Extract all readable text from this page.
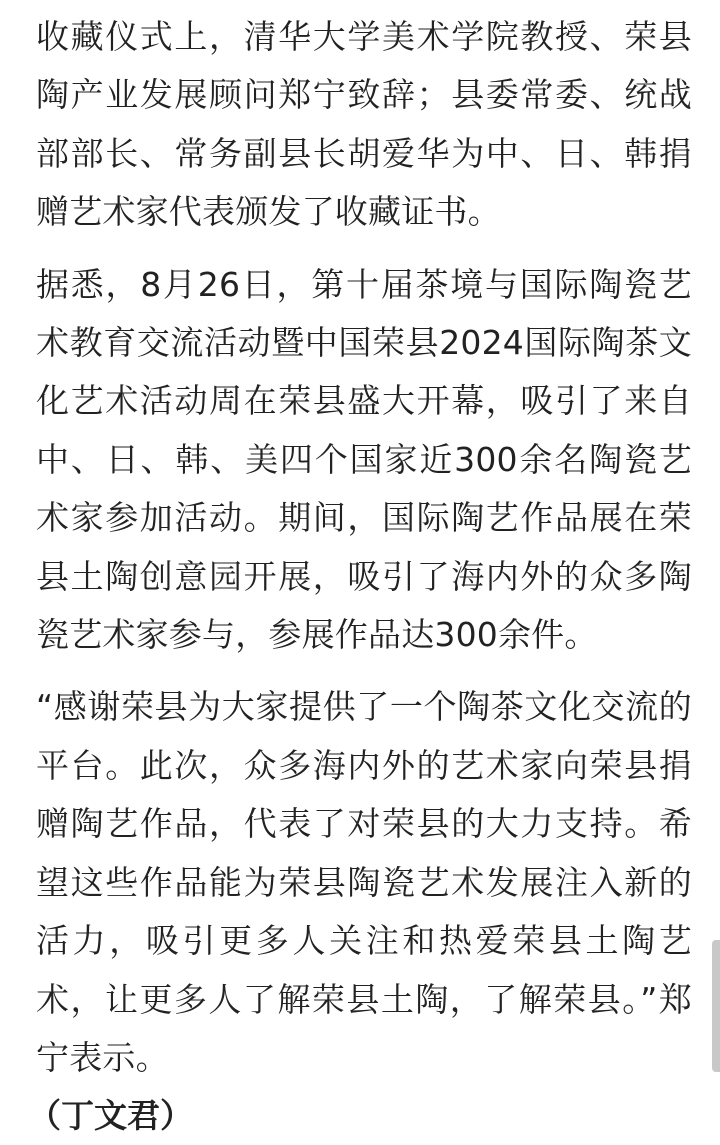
收藏仪式上，清华大学美术学院教授、荣县陶产业发展顾问郑宁致辞；县委常委、统战部部长、常务副县长胡爱华为中、日、韩捐赠艺术家代表颁发了收藏证书。

据悉，8月26日，第十届茶境与国际陶瓷艺术教育交流活动暨中国荣县2024国际陶茶文化艺术活动周在荣县盛大开幕，吸引了来自中、日、韩、美四个国家近300余名陶瓷艺术家参加活动。期间，国际陶艺作品展在荣县土陶创意园开展，吸引了海内外的众多陶瓷艺术家参与，参展作品达300余件。

“感谢荣县为大家提供了一个陶茶文化交流的平台。此次，众多海内外的艺术家向荣县捐赠陶艺作品，代表了对荣县的大力支持。希望这些作品能为荣县陶瓷艺术发展注入新的活力，吸引更多人关注和热爱荣县土陶艺术，让更多人了解荣县土陶，了解荣县。”郑宁表示。

（丁文君）
